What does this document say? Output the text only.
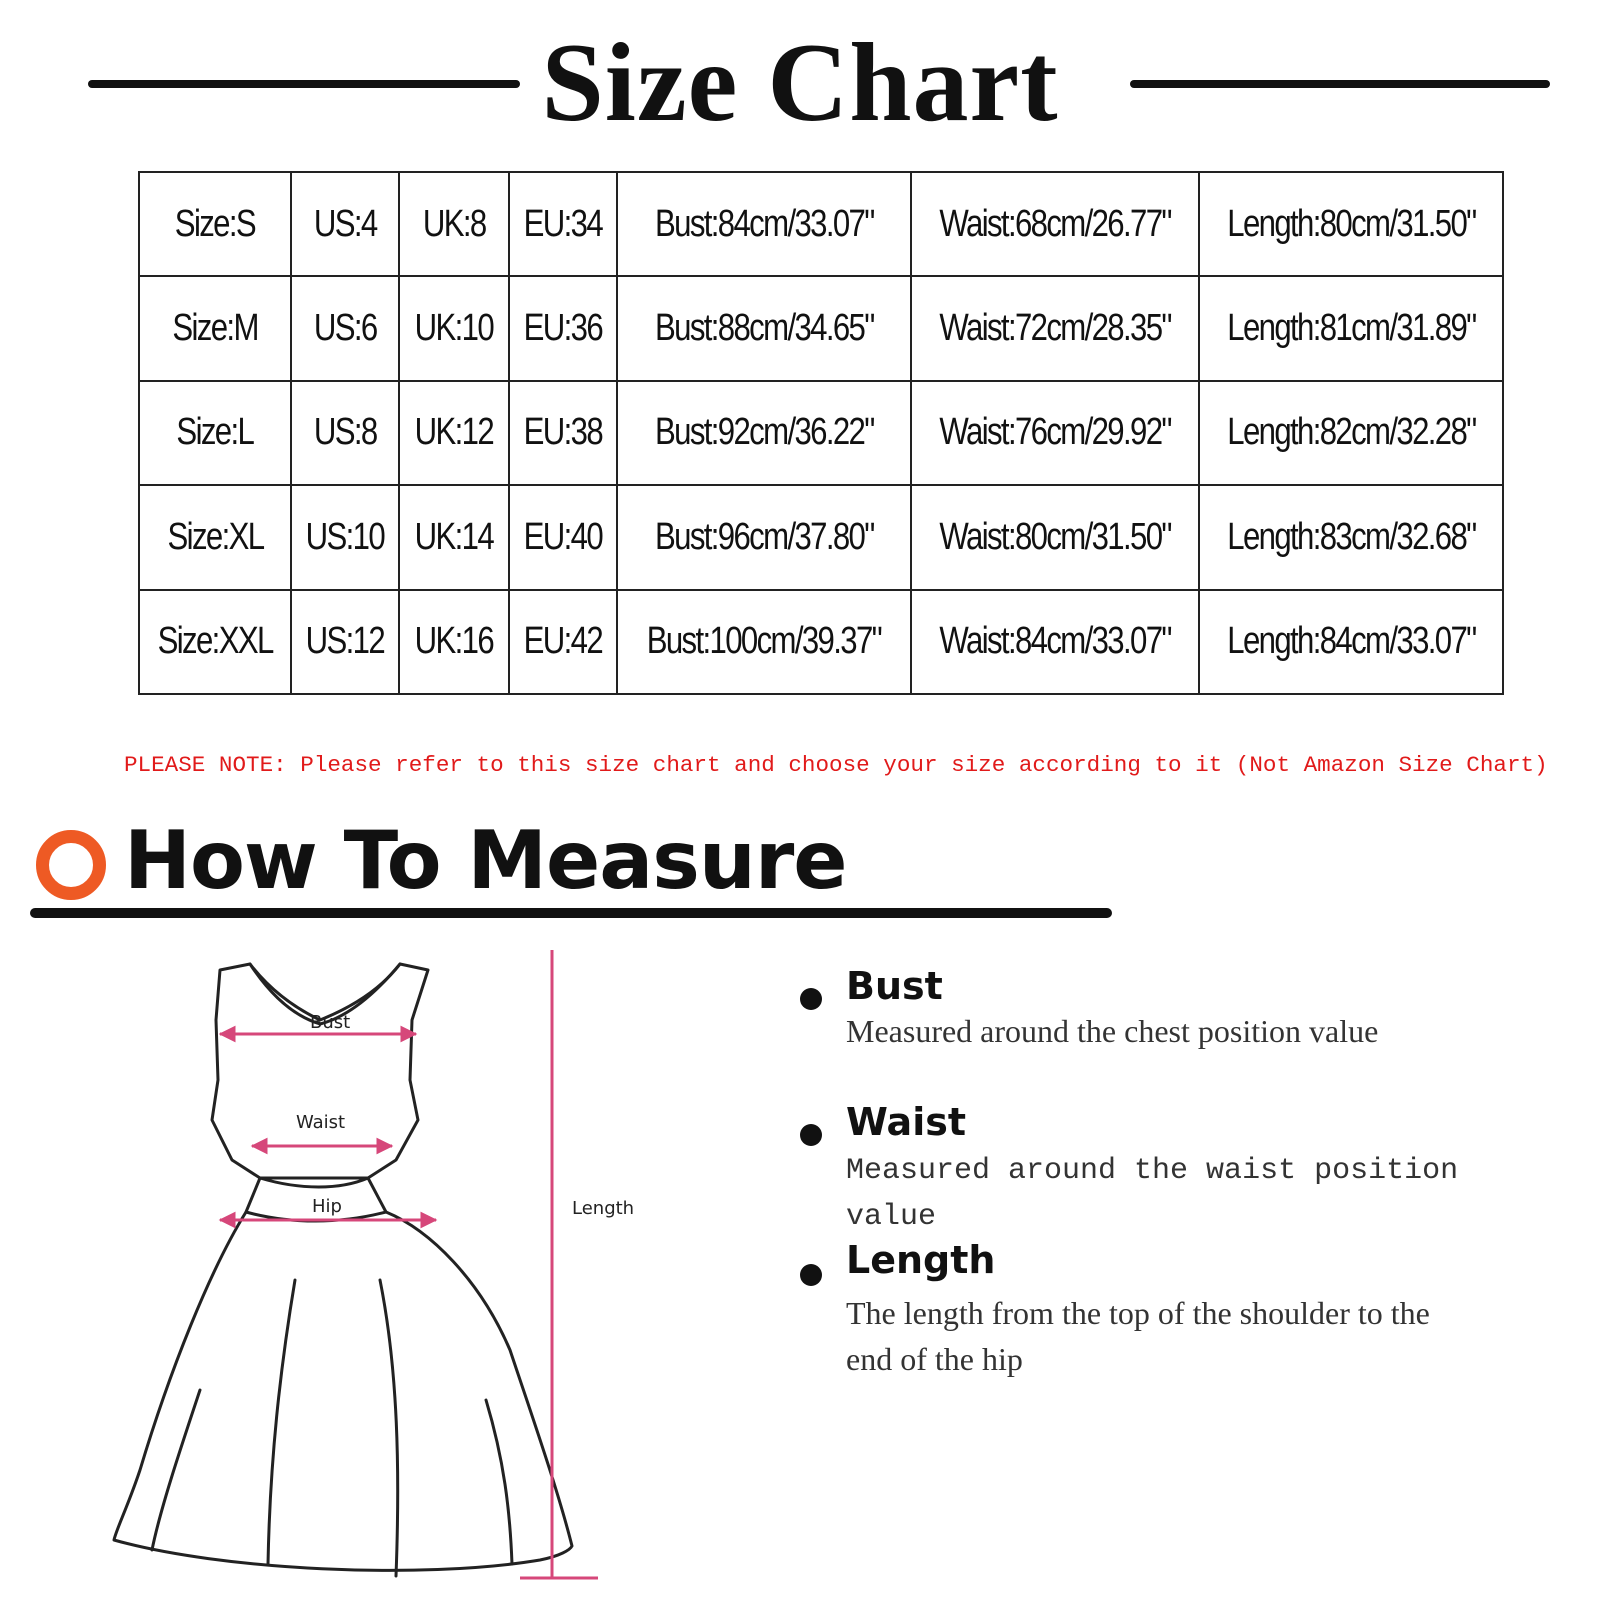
Size Chart
Size:S	US:4	UK:8	EU:34	Bust:84cm/33.07"	Waist:68cm/26.77"	Length:80cm/31.50"
Size:M	US:6	UK:10	EU:36	Bust:88cm/34.65"	Waist:72cm/28.35"	Length:81cm/31.89"
Size:L	US:8	UK:12	EU:38	Bust:92cm/36.22"	Waist:76cm/29.92"	Length:82cm/32.28"
Size:XL	US:10	UK:14	EU:40	Bust:96cm/37.80"	Waist:80cm/31.50"	Length:83cm/32.68"
Size:XXL	US:12	UK:16	EU:42	Bust:100cm/39.37"	Waist:84cm/33.07"	Length:84cm/33.07"

PLEASE NOTE: Please refer to this size chart and choose your size according to it (Not Amazon Size Chart)

How To Measure
Bust
Waist
Hip	Length

Bust

Measured around the chest position value

Waist

Measured around the waist position value

Length

The length from the top of the shoulder to the end of the hip
